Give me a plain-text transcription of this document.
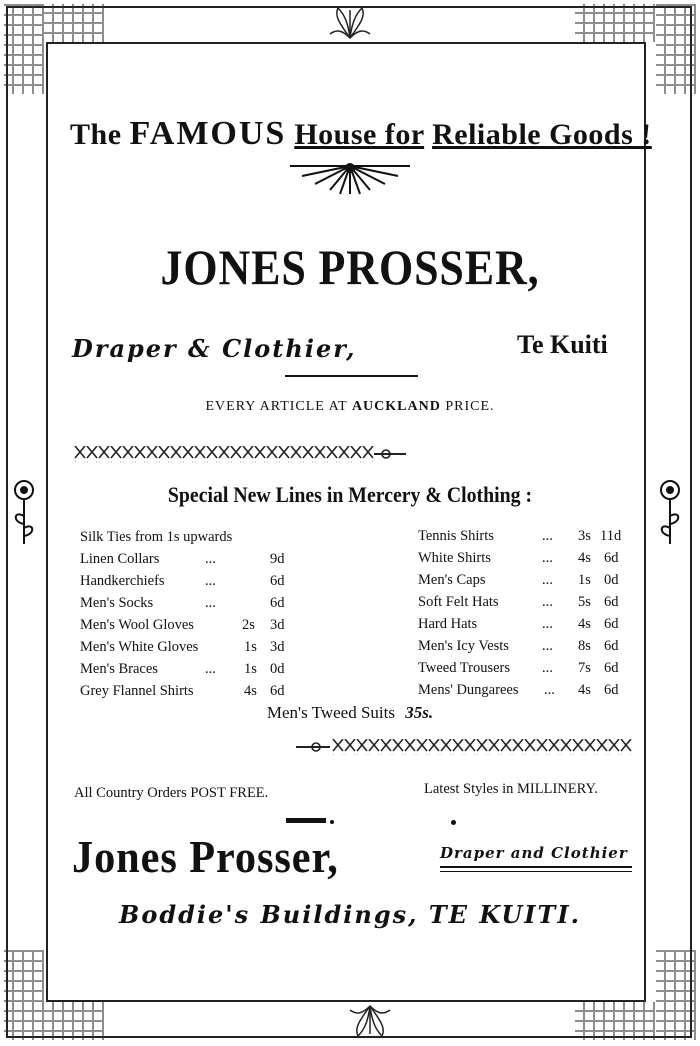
The FAMOUS House for Reliable Goods !
JONES PROSSER,
Draper & Clothier,	Te Kuiti
EVERY ARTICLE AT AUCKLAND PRICE.
Special New Lines in Mercery & Clothing :
Silk Ties from 1s upwards
Linen Collars	...	9d
Handkerchiefs	...	6d
Men's Socks	...	6d
Men's Wool Gloves	2s 3d
Men's White Gloves	1s 3d
Men's Braces	... 1s 0d
Grey Flannel Shirts	4s 6d
Tennis Shirts	... 3s 11d
White Shirts	... 4s 6d
Men's Caps	... 1s 0d
Soft Felt Hats	... 5s 6d
Hard Hats	... 4s 6d
Men's Icy Vests ... 8s 6d
Tweed Trousers ... 7s 6d
Mens' Dungarees ... 4s 6d
Men's Tweed Suits 35s.
All Country Orders POST FREE.	Latest Styles in MILLINERY.
Jones Prosser,	Draper and Clothier
Boddie's Buildings, TE KUITI.
